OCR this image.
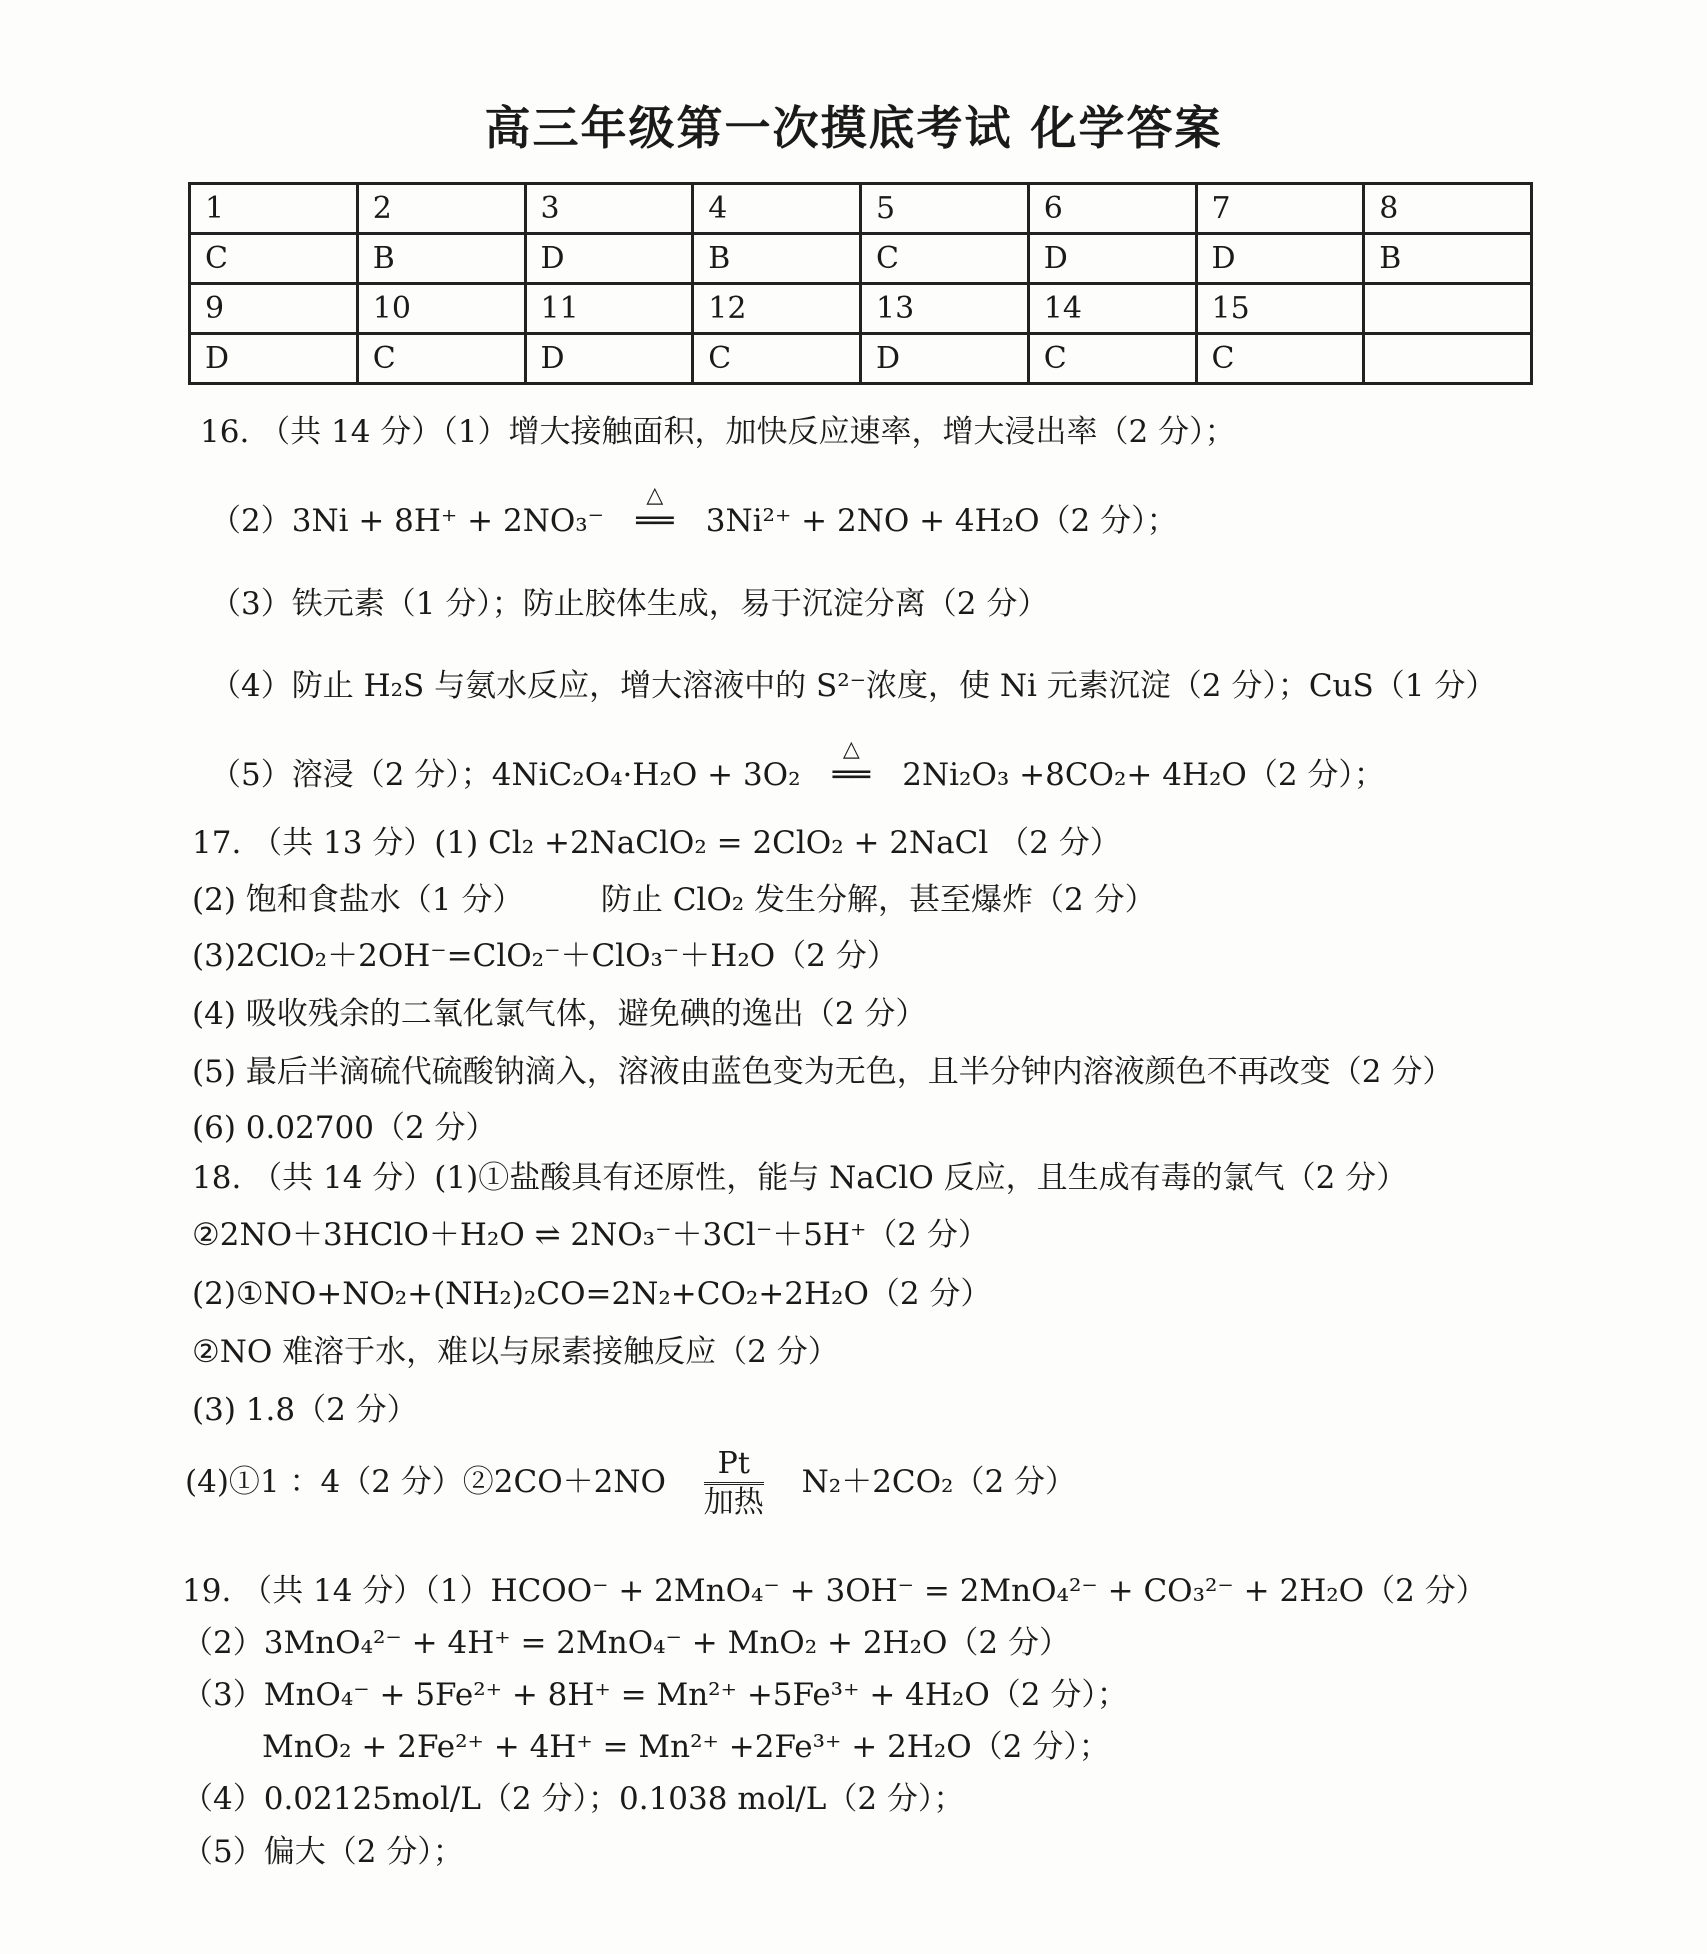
高三年级第一次摸底考试 化学答案
1	2	3	4	5	6	7	8
C	B	D	B	C	D	D	B
9	10	11	12	13	14	15	
D	C	D	C	D	C	C	
16. （共 14 分）（1）增大接触面积，加快反应速率，增大浸出率（2 分）；
（2）3Ni + 8H⁺ + 2NO₃⁻
△
══ 3Ni²⁺ + 2NO + 4H₂O（2 分）；
（3）铁元素（1 分）；防止胶体生成，易于沉淀分离（2 分）
（4）防止 H₂S 与氨水反应，增大溶液中的 S²⁻浓度，使 Ni 元素沉淀（2 分）；CuS（1 分）
（5）溶浸（2 分）；4NiC₂O₄·H₂O + 3O₂
△
══ 2Ni₂O₃ +8CO₂+ 4H₂O（2 分）；
17. （共 13 分）(1) Cl₂ +2NaClO₂ = 2ClO₂ + 2NaCl （2 分）
(2) 饱和食盐水（1 分）　　　防止 ClO₂ 发生分解，甚至爆炸（2 分）
(3)2ClO₂＋2OH⁻=ClO₂⁻＋ClO₃⁻＋H₂O（2 分）
(4) 吸收残余的二氧化氯气体，避免碘的逸出（2 分）
(5) 最后半滴硫代硫酸钠滴入，溶液由蓝色变为无色，且半分钟内溶液颜色不再改变（2 分）
(6) 0.02700（2 分）
18. （共 14 分）(1)①盐酸具有还原性，能与 NaClO 反应，且生成有毒的氯气（2 分）
②2NO＋3HClO＋H₂O ⇌ 2NO₃⁻＋3Cl⁻＋5H⁺（2 分）
(2)①NO+NO₂+(NH₂)₂CO=2N₂+CO₂+2H₂O（2 分）
②NO 难溶于水，难以与尿素接触反应（2 分）
(3) 1.8（2 分）
(4)①1 ：4（2 分）②2CO＋2NO $\frac{Pt}{\text{加热}} N_2+2CO_2(2$ 分）
19. （共 14 分）（1）HCOO⁻ + 2MnO₄⁻ + 3OH⁻ = 2MnO₄²⁻ + CO₃²⁻ + 2H₂O（2 分）
（2）3MnO₄²⁻ + 4H⁺ = 2MnO₄⁻ + MnO₂ + 2H₂O（2 分）
（3）MnO₄⁻ + 5Fe²⁺ + 8H⁺ = Mn²⁺ +5Fe³⁺ + 4H₂O（2 分）；
MnO₂ + 2Fe²⁺ + 4H⁺ = Mn²⁺ +2Fe³⁺ + 2H₂O（2 分）；
（4）0.02125mol/L（2 分）；0.1038 mol/L（2 分）；
（5）偏大（2 分）；
